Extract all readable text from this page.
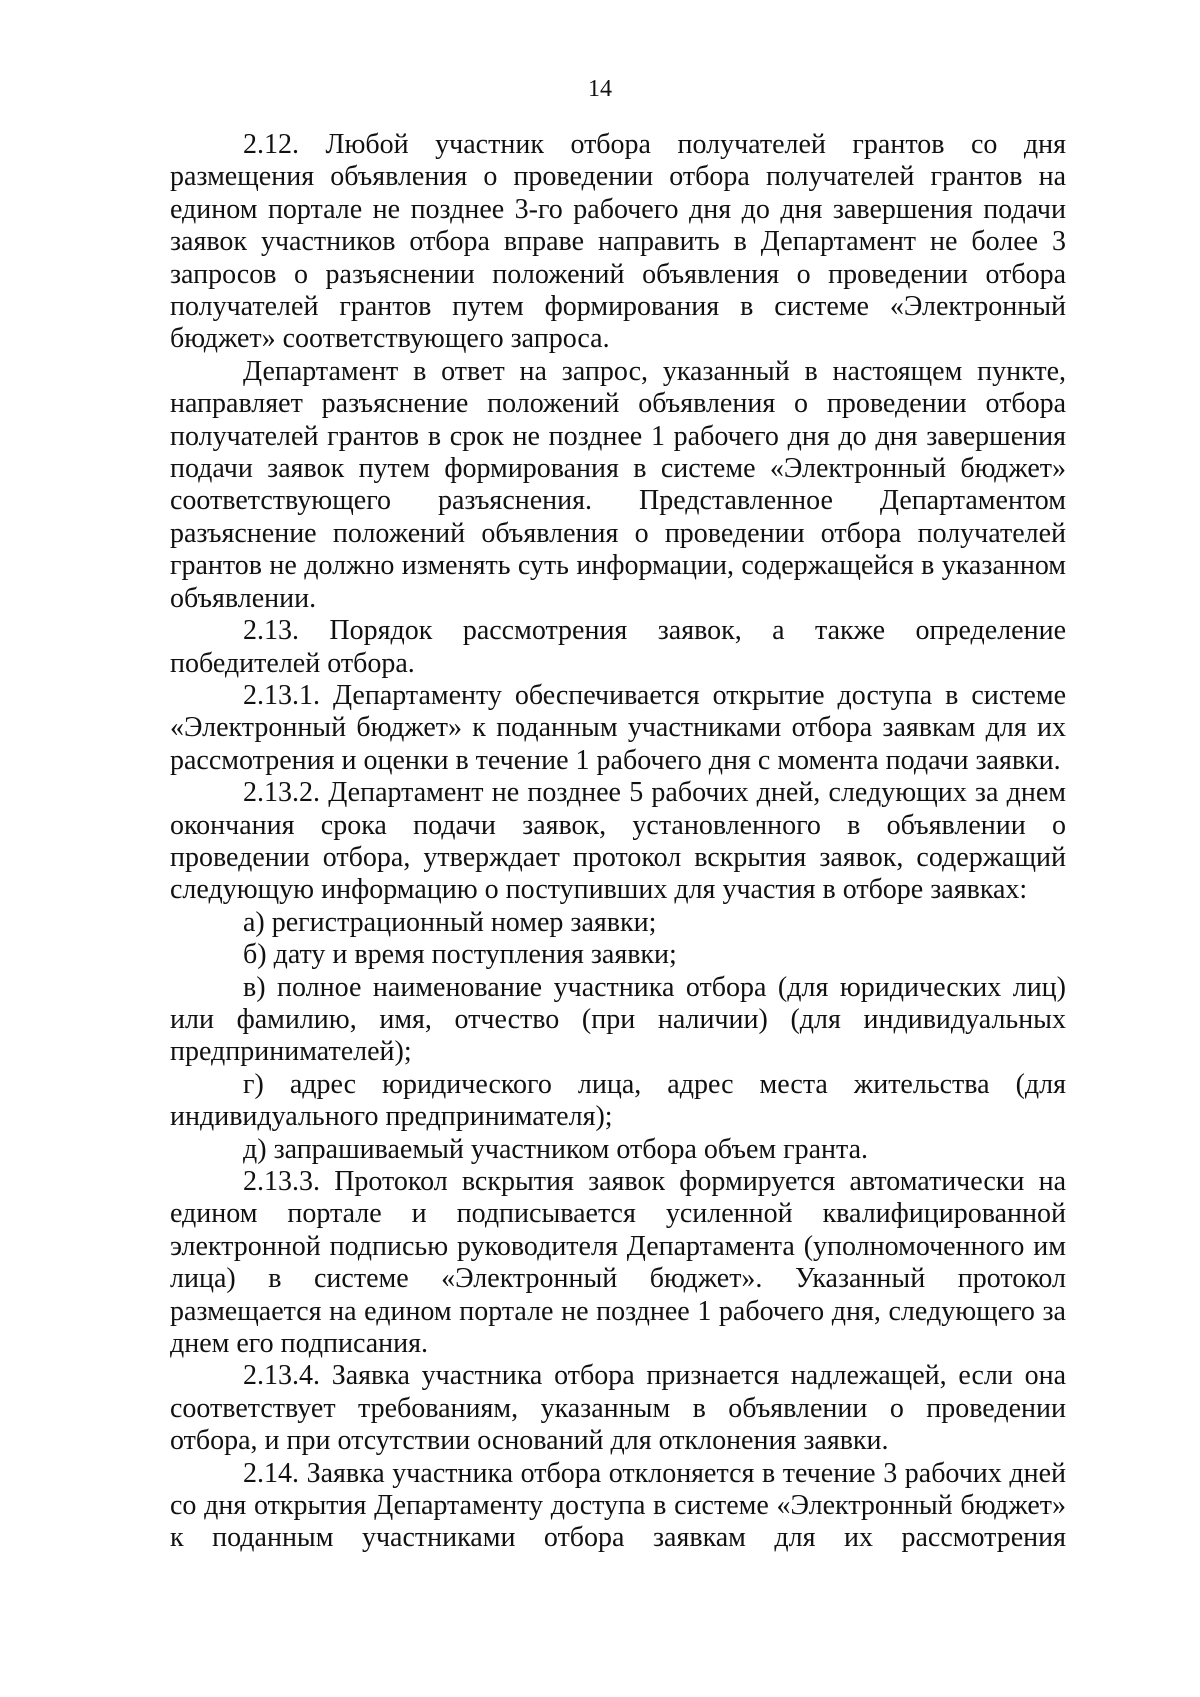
14

2.12. Любой участник отбора получателей грантов со дня размещения объявления о проведении отбора получателей грантов на едином портале не позднее 3-го рабочего дня до дня завершения подачи заявок участников отбора вправе направить в Департамент не более 3 запросов о разъяснении положений объявления о проведении отбора получателей грантов путем формирования в системе «Электронный бюджет» соответствующего запроса.

Департамент в ответ на запрос, указанный в настоящем пункте, направляет разъяснение положений объявления о проведении отбора получателей грантов в срок не позднее 1 рабочего дня до дня завершения подачи заявок путем формирования в системе «Электронный бюджет» соответствующего разъяснения. Представленное Департаментом разъяснение положений объявления о проведении отбора получателей грантов не должно изменять суть информации, содержащейся в указанном объявлении.

2.13. Порядок рассмотрения заявок, а также определение победителей отбора.

2.13.1. Департаменту обеспечивается открытие доступа в системе «Электронный бюджет» к поданным участниками отбора заявкам для их рассмотрения и оценки в течение 1 рабочего дня с момента подачи заявки.

2.13.2. Департамент не позднее 5 рабочих дней, следующих за днем окончания срока подачи заявок, установленного в объявлении о проведении отбора, утверждает протокол вскрытия заявок, содержащий следующую информацию о поступивших для участия в отборе заявках:

а) регистрационный номер заявки;

б) дату и время поступления заявки;

в) полное наименование участника отбора (для юридических лиц) или фамилию, имя, отчество (при наличии) (для индивидуальных предпринимателей);

г) адрес юридического лица, адрес места жительства (для индивидуального предпринимателя);

д) запрашиваемый участником отбора объем гранта.

2.13.3. Протокол вскрытия заявок формируется автоматически на едином портале и подписывается усиленной квалифицированной электронной подписью руководителя Департамента (уполномоченного им лица) в системе «Электронный бюджет». Указанный протокол размещается на едином портале не позднее 1 рабочего дня, следующего за днем его подписания.

2.13.4. Заявка участника отбора признается надлежащей, если она соответствует требованиям, указанным в объявлении о проведении отбора, и при отсутствии оснований для отклонения заявки.

2.14. Заявка участника отбора отклоняется в течение 3 рабочих дней со дня открытия Департаменту доступа в системе «Электронный бюджет» к поданным участниками отбора заявкам для их рассмотрения
